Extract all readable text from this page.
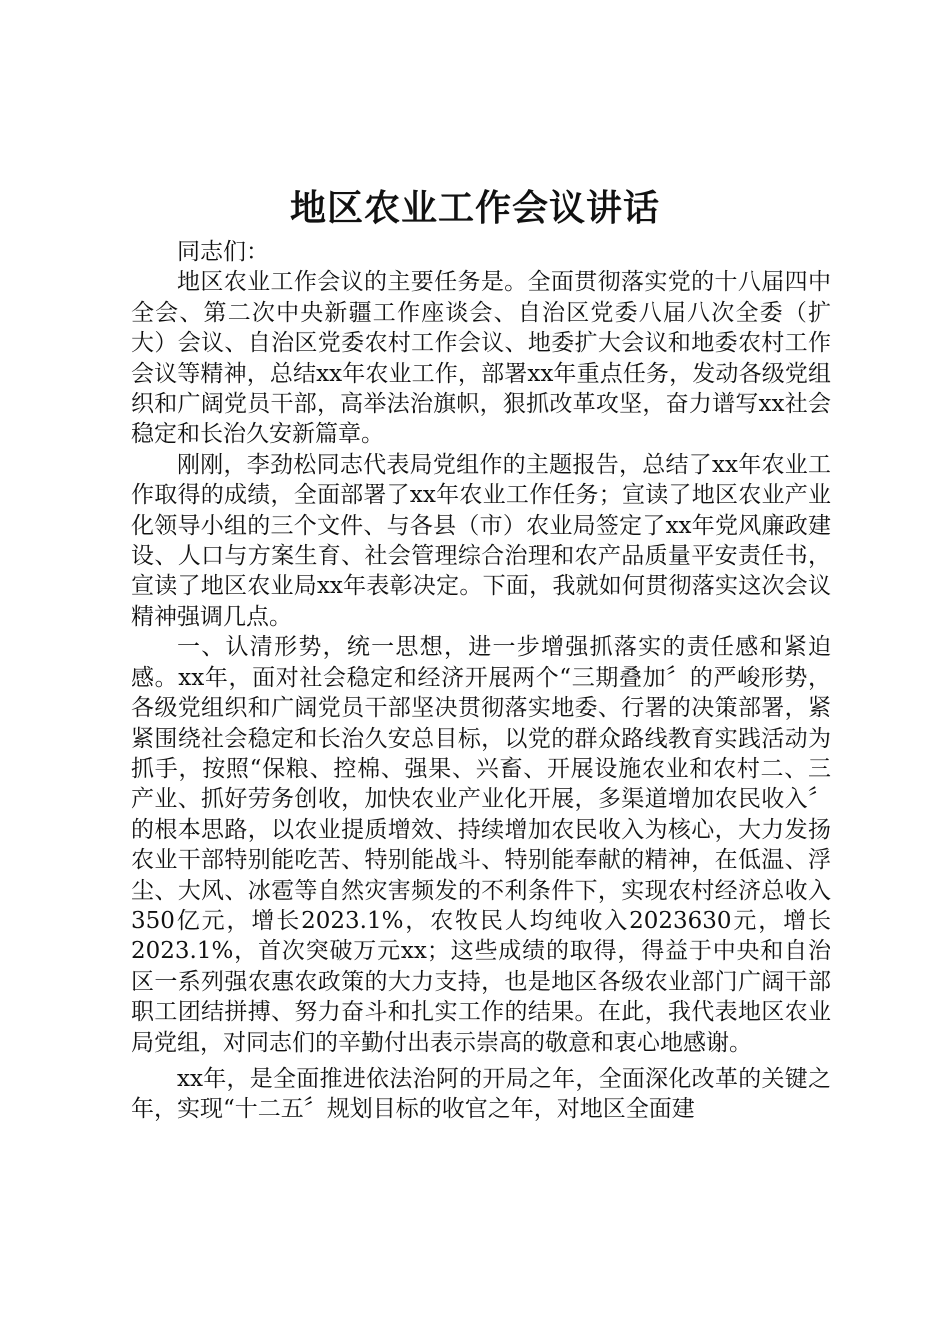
地区农业工作会议讲话

同志们：

地区农业工作会议的主要任务是。全面贯彻落实党的十八届四中全会、第二次中央新疆工作座谈会、自治区党委八届八次全委（扩大）会议、自治区党委农村工作会议、地委扩大会议和地委农村工作会议等精神，总结xx年农业工作，部署xx年重点任务，发动各级党组织和广阔党员干部，高举法治旗帜，狠抓改革攻坚，奋力谱写xx社会稳定和长治久安新篇章。

刚刚，李劲松同志代表局党组作的主题报告，总结了xx年农业工作取得的成绩，全面部署了xx年农业工作任务；宣读了地区农业产业化领导小组的三个文件、与各县（市）农业局签定了xx年党风廉政建设、人口与方案生育、社会管理综合治理和农产品质量平安责任书，宣读了地区农业局xx年表彰决定。下面，我就如何贯彻落实这次会议精神强调几点。

一、认清形势，统一思想，进一步增强抓落实的责任感和紧迫感。xx年，面对社会稳定和经济开展两个“三期叠加〞的严峻形势，各级党组织和广阔党员干部坚决贯彻落实地委、行署的决策部署，紧紧围绕社会稳定和长治久安总目标，以党的群众路线教育实践活动为抓手，按照“保粮、控棉、强果、兴畜、开展设施农业和农村二、三产业、抓好劳务创收，加快农业产业化开展，多渠道增加农民收入〞的根本思路，以农业提质增效、持续增加农民收入为核心，大力发扬农业干部特别能吃苦、特别能战斗、特别能奉献的精神，在低温、浮尘、大风、冰雹等自然灾害频发的不利条件下，实现农村经济总收入350亿元，增长2023.1%，农牧民人均纯收入2023630元，增长2023.1%，首次突破万元xx；这些成绩的取得，得益于中央和自治区一系列强农惠农政策的大力支持，也是地区各级农业部门广阔干部职工团结拼搏、努力奋斗和扎实工作的结果。在此，我代表地区农业局党组，对同志们的辛勤付出表示崇高的敬意和衷心地感谢。

xx年，是全面推进依法治阿的开局之年，全面深化改革的关键之年，实现“十二五〞规划目标的收官之年，对地区全面建
